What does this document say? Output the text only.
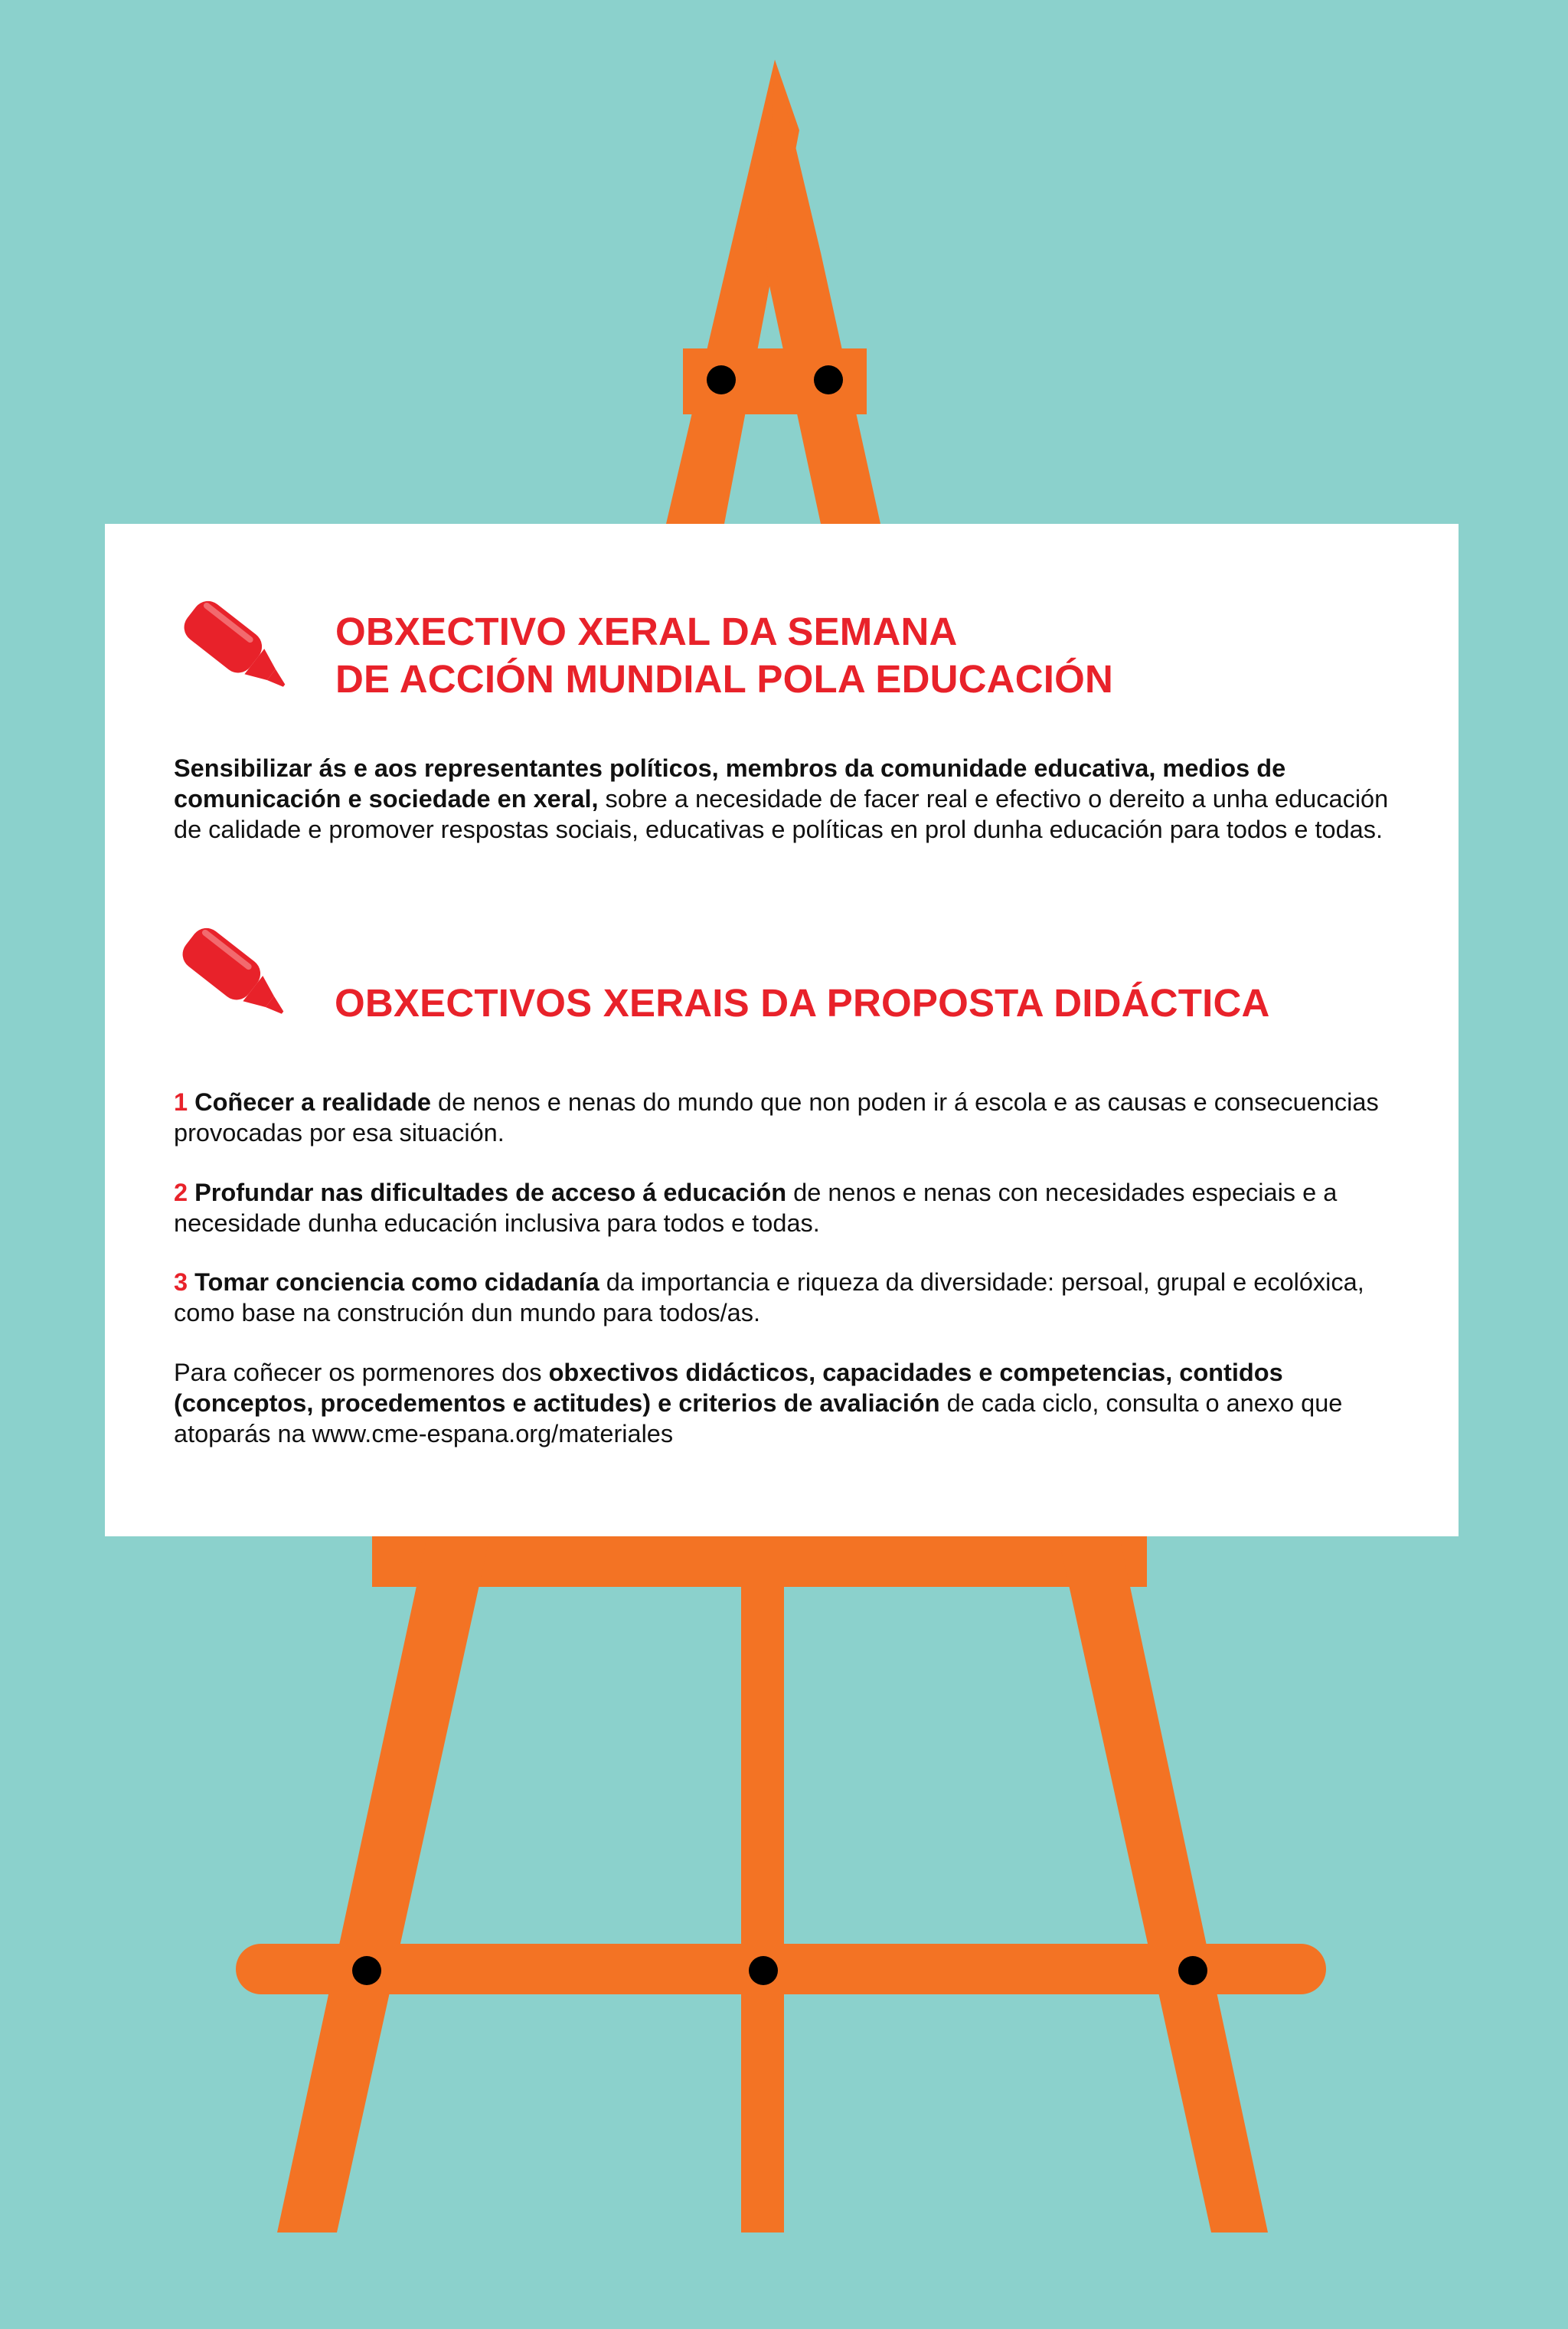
OBXECTIVO XERAL DA SEMANA
DE ACCIÓN MUNDIAL POLA EDUCACIÓN

Sensibilizar ás e aos representantes políticos, membros da comunidade educativa, medios de comunicación e sociedade en xeral, sobre a necesidade de facer real e efectivo o dereito a unha educación de calidade e promover respostas sociais, educativas e políticas en prol dunha educación para todos e todas.

OBXECTIVOS XERAIS DA PROPOSTA DIDÁCTICA

1 Coñecer a realidade de nenos e nenas do mundo que non poden ir á escola e as causas e consecuencias provocadas por esa situación.

2 Profundar nas dificultades de acceso á educación de nenos e nenas con necesidades especiais e a necesidade dunha educación inclusiva para todos e todas.

3 Tomar conciencia como cidadanía da importancia e riqueza da diversidade: persoal, grupal e ecolóxica, como base na construción dun mundo para todos/as.

Para coñecer os pormenores dos obxectivos didácticos, capacidades e competencias, contidos (conceptos, procedementos e actitudes) e criterios de avaliación de cada ciclo, consulta o anexo que atoparás na www.cme-espana.org/materiales
